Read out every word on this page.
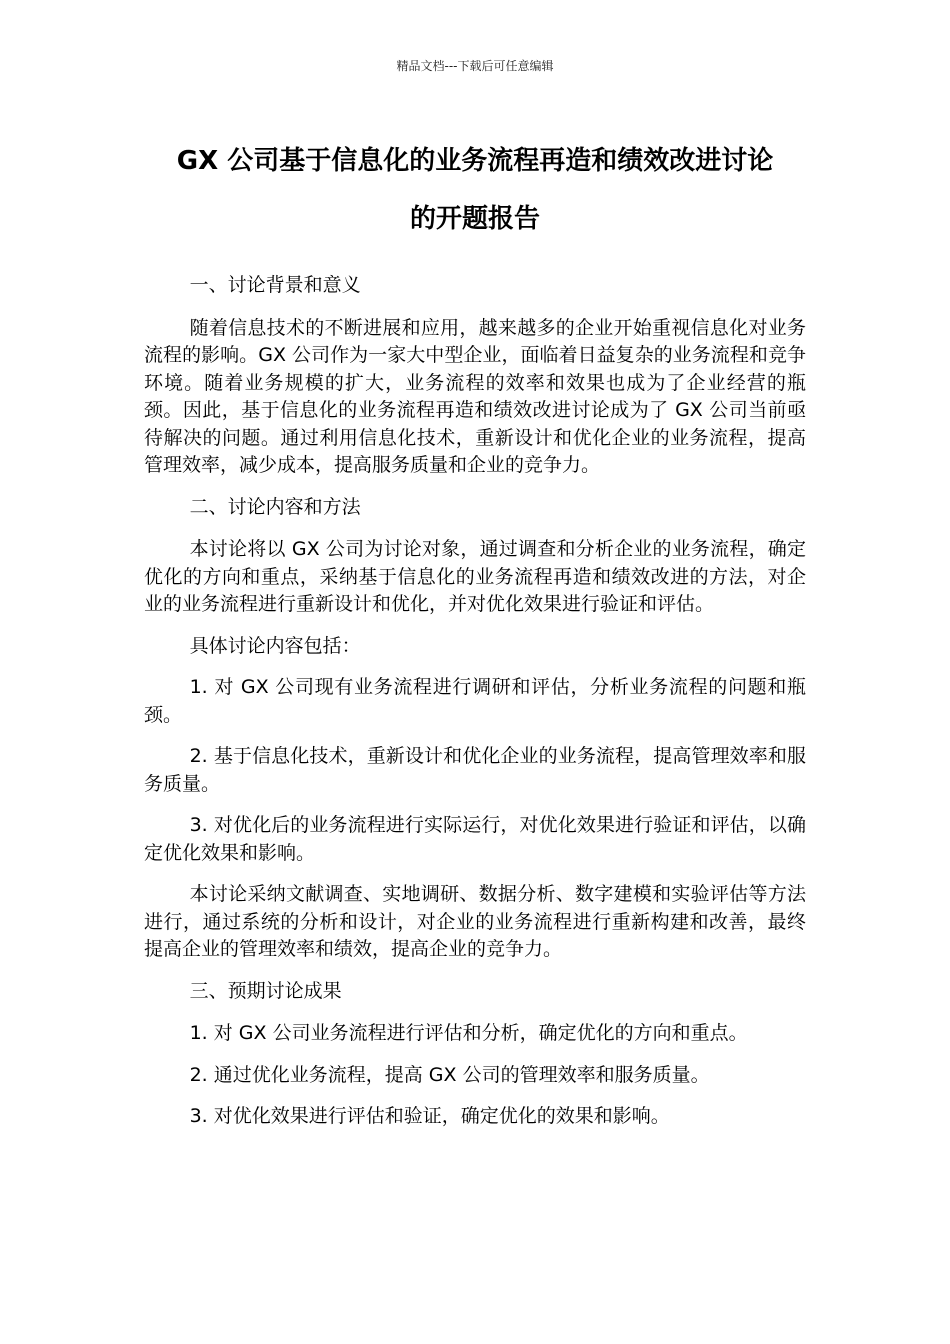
精品文档---下载后可任意编辑
GX 公司基于信息化的业务流程再造和绩效改进讨论
的开题报告

一、讨论背景和意义

随着信息技术的不断进展和应用，越来越多的企业开始重视信息化对业务流程的影响。GX 公司作为一家大中型企业，面临着日益复杂的业务流程和竞争环境。随着业务规模的扩大，业务流程的效率和效果也成为了企业经营的瓶颈。因此，基于信息化的业务流程再造和绩效改进讨论成为了 GX 公司当前亟待解决的问题。通过利用信息化技术，重新设计和优化企业的业务流程，提高管理效率，减少成本，提高服务质量和企业的竞争力。

二、讨论内容和方法

本讨论将以 GX 公司为讨论对象，通过调查和分析企业的业务流程，确定优化的方向和重点，采纳基于信息化的业务流程再造和绩效改进的方法，对企业的业务流程进行重新设计和优化，并对优化效果进行验证和评估。

具体讨论内容包括：

1. 对 GX 公司现有业务流程进行调研和评估，分析业务流程的问题和瓶颈。

2. 基于信息化技术，重新设计和优化企业的业务流程，提高管理效率和服务质量。

3. 对优化后的业务流程进行实际运行，对优化效果进行验证和评估，以确定优化效果和影响。

本讨论采纳文献调查、实地调研、数据分析、数字建模和实验评估等方法进行，通过系统的分析和设计，对企业的业务流程进行重新构建和改善，最终提高企业的管理效率和绩效，提高企业的竞争力。

三、预期讨论成果

1. 对 GX 公司业务流程进行评估和分析，确定优化的方向和重点。

2. 通过优化业务流程，提高 GX 公司的管理效率和服务质量。

3. 对优化效果进行评估和验证，确定优化的效果和影响。
